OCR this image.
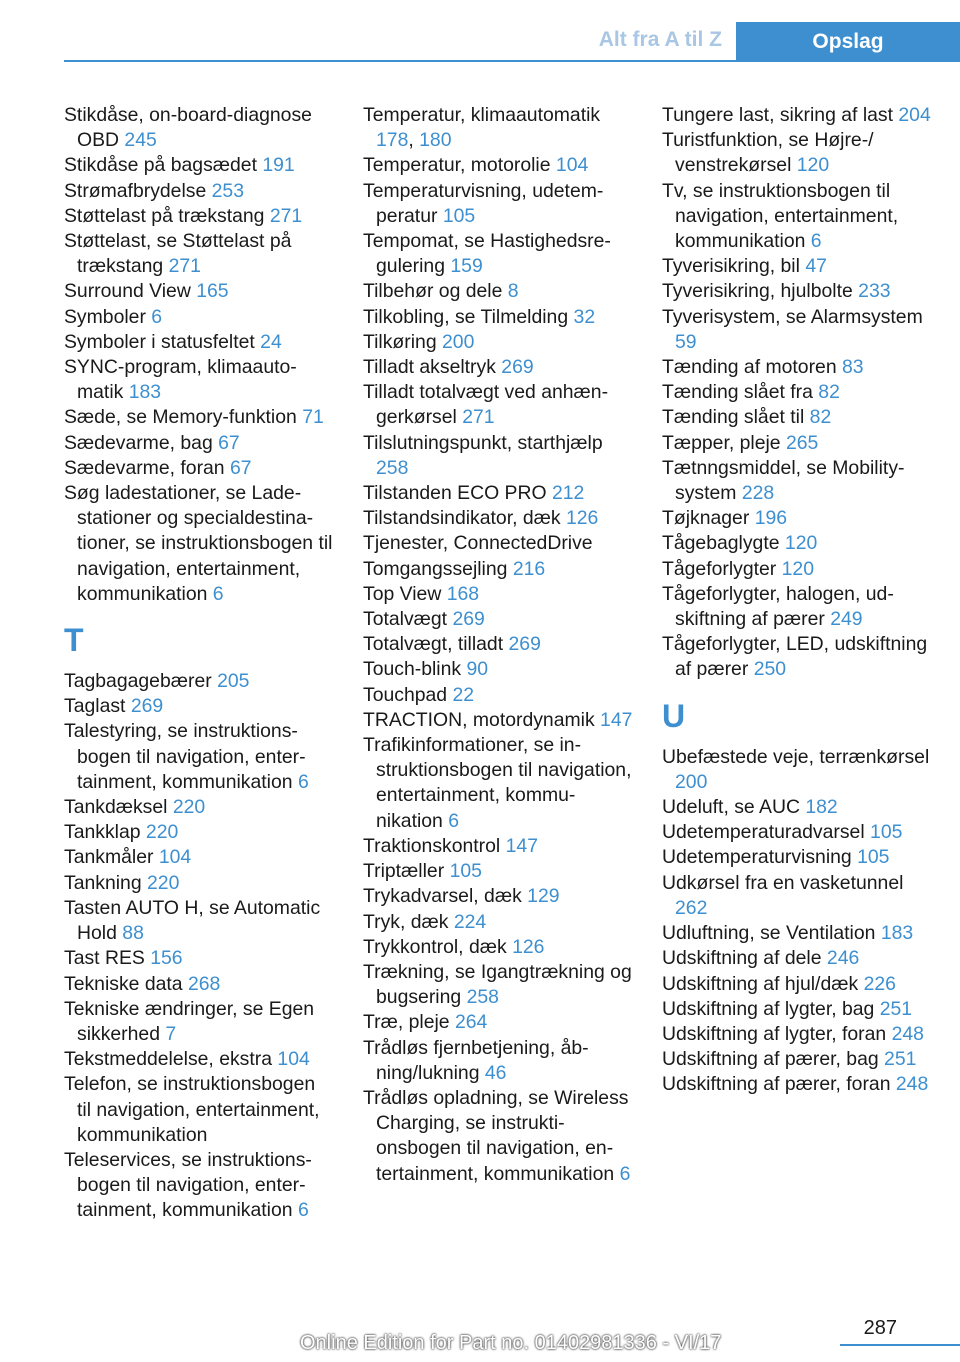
Alt fra A til Z	Opslag

Stikdåse, on-board-diagnose OBD 245

Stikdåse på bagsædet 191

Strømafbrydelse 253

Støttelast på trækstang 271

Støttelast, se Støttelast på trækstang 271

Surround View 165

Symboler 6

Symboler i statusfeltet 24

SYNC-program, klimaautomatik 183

Sæde, se Memory-funktion 71

Sædevarme, bag 67

Sædevarme, foran 67

Søg ladestationer, se Ladestationer og specialdestinationer, se instruktionsbogen til navigation, entertainment, kommunikation 6

T

Tagbagagebærer 205

Taglast 269

Talestyring, se instruktionsbogen til navigation, entertainment, kommunikation 6

Tankdæksel 220

Tankklap 220

Tankmåler 104

Tankning 220

Tasten AUTO H, se Automatic Hold 88

Tast RES 156

Tekniske data 268

Tekniske ændringer, se Egen sikkerhed 7

Tekstmeddelelse, ekstra 104

Telefon, se instruktionsbogen til navigation, entertainment, kommunikation

Teleservices, se instruktionsbogen til navigation, entertainment, kommunikation 6

Temperatur, klimaautomatik 178, 180

Temperatur, motorolie 104

Temperaturvisning, udetemperatur 105

Tempomat, se Hastighedsregulering 159

Tilbehør og dele 8

Tilkobling, se Tilmelding 32

Tilkøring 200

Tilladt akseltryk 269

Tilladt totalvægt ved anhængerkørsel 271

Tilslutningspunkt, starthjælp 258

Tilstanden ECO PRO 212

Tilstandsindikator, dæk 126

Tjenester, ConnectedDrive

Tomgangssejling 216

Top View 168

Totalvægt 269

Totalvægt, tilladt 269

Touch-blink 90

Touchpad 22

TRACTION, motordynamik 147

Trafikinformationer, se instruktionsbogen til navigation, entertainment, kommunikation 6

Traktionskontrol 147

Triptæller 105

Trykadvarsel, dæk 129

Tryk, dæk 224

Trykkontrol, dæk 126

Trækning, se Igangtrækning og bugsering 258

Træ, pleje 264

Trådløs fjernbetjening, åbning/lukning 46

Trådløs opladning, se Wireless Charging, se instruktionsbogen til navigation, entertainment, kommunikation 6

Tungere last, sikring af last 204

Turistfunktion, se Højre-/ venstrekørsel 120

Tv, se instruktionsbogen til navigation, entertainment, kommunikation 6

Tyverisikring, bil 47

Tyverisikring, hjulbolte 233

Tyverisystem, se Alarmsystem 59

Tænding af motoren 83

Tænding slået fra 82

Tænding slået til 82

Tæpper, pleje 265

Tætnngsmiddel, se Mobility-system 228

Tøjknager 196

Tågebaglygte 120

Tågeforlygter 120

Tågeforlygter, halogen, udskiftning af pærer 249

Tågeforlygter, LED, udskiftning af pærer 250

U

Ubefæstede veje, terrænkørsel 200

Udeluft, se AUC 182

Udetemperaturadvarsel 105

Udetemperaturvisning 105

Udkørsel fra en vasketunnel 262

Udluftning, se Ventilation 183

Udskiftning af dele 246

Udskiftning af hjul/dæk 226

Udskiftning af lygter, bag 251

Udskiftning af lygter, foran 248

Udskiftning af pærer, bag 251

Udskiftning af pærer, foran 248

287
Online Edition for Part no. 01402981336 - VI/17
